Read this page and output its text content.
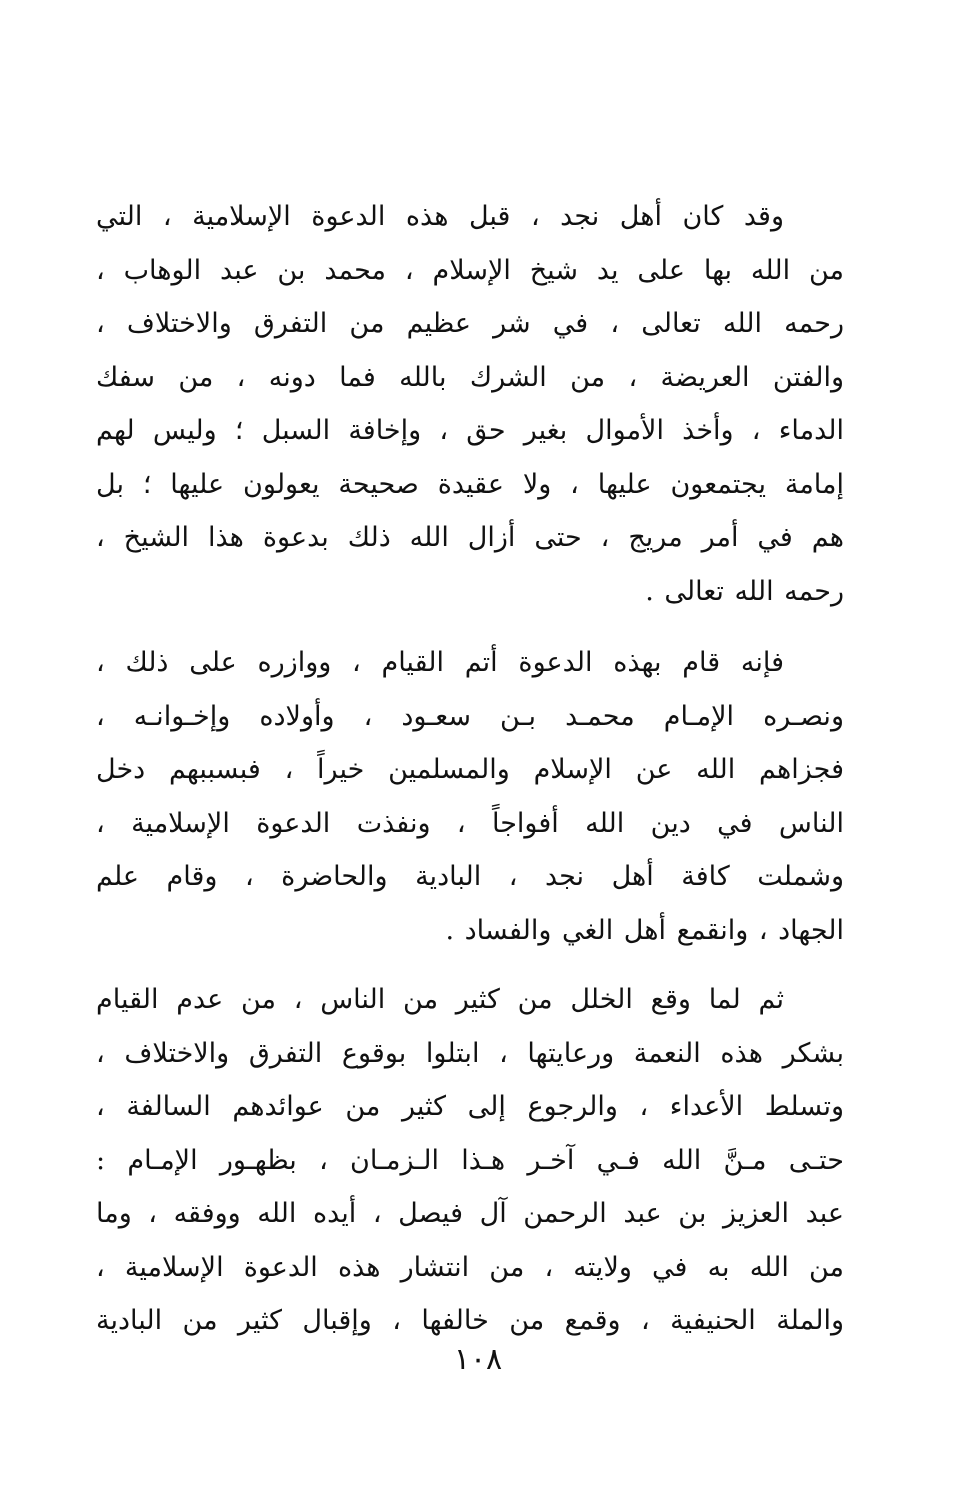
وقد كان أهل نجد ، قبل هذه الدعوة الإسلامية ، التي
من الله بها على يد شيخ الإسلام ، محمد بن عبد الوهاب ،
رحمه الله تعالى ، في شر عظيم من التفرق والاختلاف ،
والفتن العريضة ، من الشرك بالله فما دونه ، من سفك
الدماء ، وأخذ الأموال بغير حق ، وإخافة السبل ؛ وليس لهم
إمامة يجتمعون عليها ، ولا عقيدة صحيحة يعولون عليها ؛ بل
هم في أمر مريج ، حتى أزال الله ذلك بدعوة هذا الشيخ ،
رحمه الله تعالى .

فإنه قام بهذه الدعوة أتم القيام ، ووازره على ذلك ،
ونصـره الإمـام محمـد بـن سعـود ، وأولاده وإخـوانـه ،
فجزاهم الله عن الإسلام والمسلمين خيراً ، فبسببهم دخل
الناس في دين الله أفواجاً ، ونفذت الدعوة الإسلامية ،
وشملت كافة أهل نجد ، البادية والحاضرة ، وقام علم
الجهاد ، وانقمع أهل الغي والفساد .

ثم لما وقع الخلل من كثير من الناس ، من عدم القيام
بشكر هذه النعمة ورعايتها ، ابتلوا بوقوع التفرق والاختلاف ،
وتسلط الأعداء ، والرجوع إلى كثير من عوائدهم السالفة ،
حتـى مـنَّ الله فـي آخـر هـذا الـزمـان ، بظهـور الإمـام :
عبد العزيز بن عبد الرحمن آل فيصل ، أيده الله ووفقه ، وما
من الله به في ولايته ، من انتشار هذه الدعوة الإسلامية ،
والملة الحنيفية ، وقمع من خالفها ، وإقبال كثير من البادية

١٠٨
